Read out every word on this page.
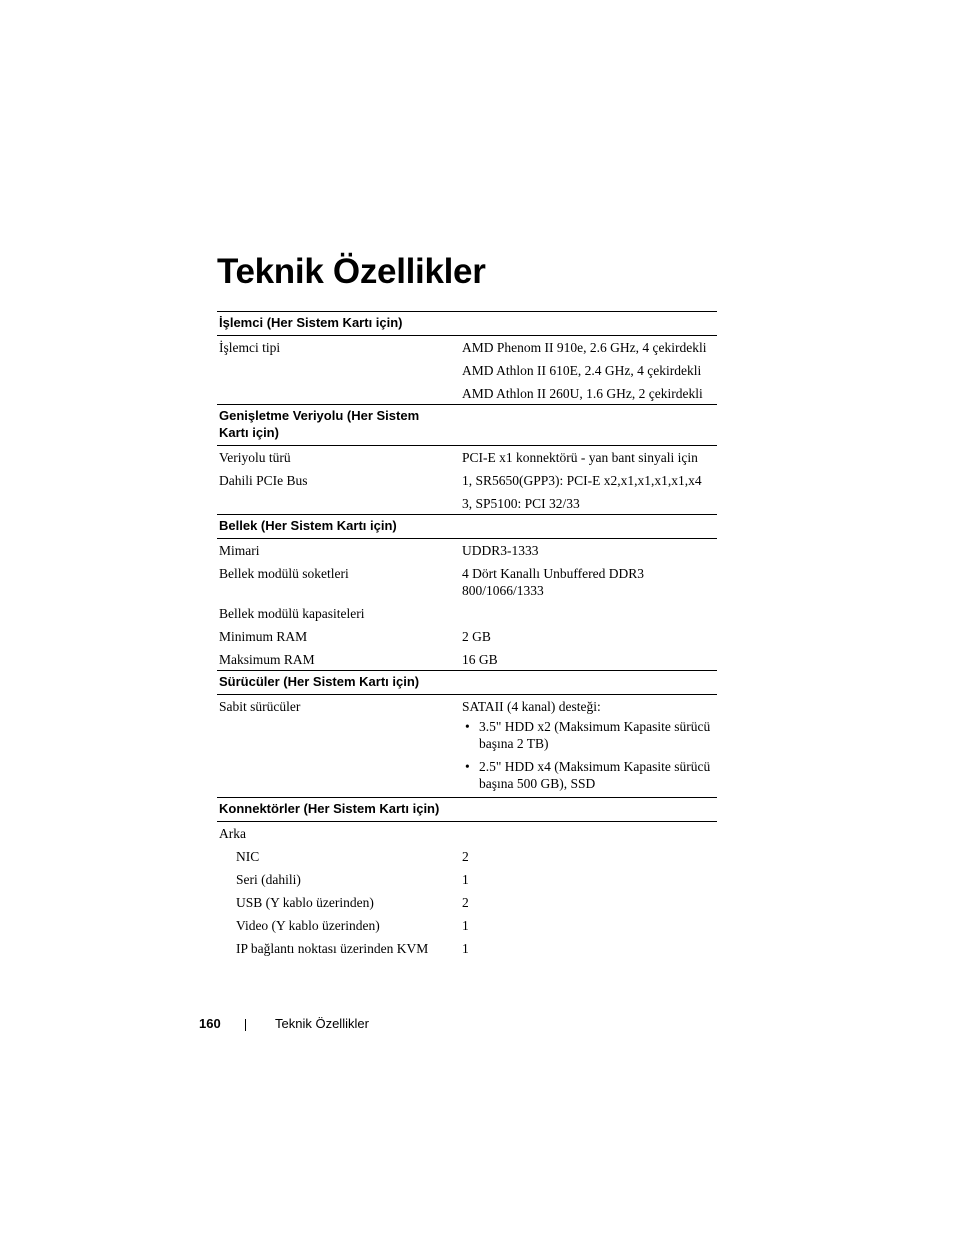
Teknik Özellikler
İşlemci (Her Sistem Kartı için)
İşlemci tipi	AMD Phenom II 910e, 2.6 GHz, 4 çekirdekli
AMD Athlon II 610E, 2.4 GHz, 4 çekirdekli
AMD Athlon II 260U, 1.6 GHz, 2 çekirdekli
Genişletme Veriyolu (Her Sistem Kartı için)
Veriyolu türü	PCI-E x1 konnektörü - yan bant sinyali için
Dahili PCIe Bus	1, SR5650(GPP3): PCI-E x2,x1,x1,x1,x1,x4
3, SP5100: PCI 32/33
Bellek (Her Sistem Kartı için)
Mimari	UDDR3-1333
Bellek modülü soketleri	4 Dört Kanallı Unbuffered DDR3 800/1066/1333
Bellek modülü kapasiteleri
Minimum RAM	2 GB
Maksimum RAM	16 GB
Sürücüler (Her Sistem Kartı için)
Sabit sürücüler	SATAII (4 kanal) desteği:
• 3.5" HDD x2 (Maksimum Kapasite sürücü başına 2 TB)
• 2.5" HDD x4 (Maksimum Kapasite sürücü başına 500 GB), SSD
Konnektörler (Her Sistem Kartı için)
Arka
NIC	2
Seri (dahili)	1
USB (Y kablo üzerinden)	2
Video (Y kablo üzerinden)	1
IP bağlantı noktası üzerinden KVM	1
160	Teknik Özellikler
